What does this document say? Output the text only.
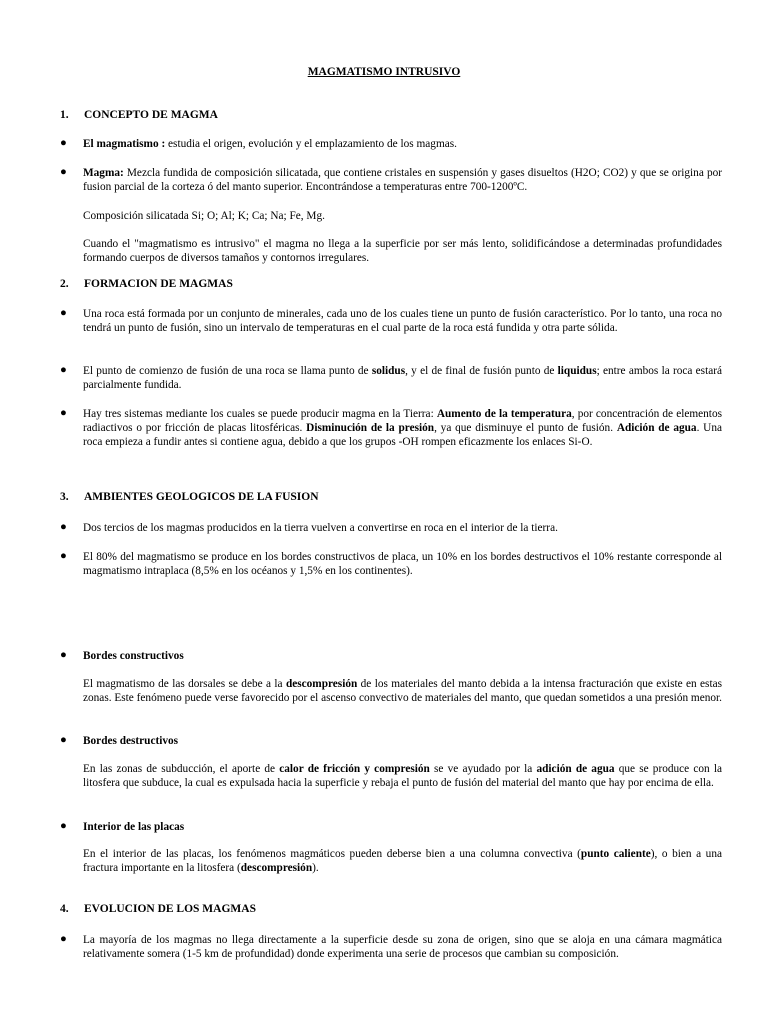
MAGMATISMO INTRUSIVO
1. CONCEPTO DE MAGMA
●	El magmatismo : estudia el origen, evolución y el emplazamiento de los magmas.
●	Magma: Mezcla fundida de composición silicatada, que contiene cristales en suspensión y gases disueltos (H2O; CO2) y que se origina por fusion parcial de la corteza ó del manto superior. Encontrándose a temperaturas entre 700-1200ºC.
Composición silicatada Si; O; Al; K; Ca; Na; Fe, Mg.
Cuando el "magmatismo es intrusivo" el magma no llega a la superficie por ser más lento, solidificándose a determinadas profundidades formando cuerpos de diversos tamaños y contornos irregulares.
2. FORMACION DE MAGMAS
●	Una roca está formada por un conjunto de minerales, cada uno de los cuales tiene un punto de fusión característico. Por lo tanto, una roca no tendrá un punto de fusión, sino un intervalo de temperaturas en el cual parte de la roca está fundida y otra parte sólida.
●	El punto de comienzo de fusión de una roca se llama punto de solidus, y el de final de fusión punto de liquidus; entre ambos la roca estará parcialmente fundida.
●	Hay tres sistemas mediante los cuales se puede producir magma en la Tierra: Aumento de la temperatura, por concentración de elementos radiactivos o por fricción de placas litosféricas. Disminución de la presión, ya que disminuye el punto de fusión. Adición de agua. Una roca empieza a fundir antes si contiene agua, debido a que los grupos -OH rompen eficazmente los enlaces Si-O.
3. AMBIENTES GEOLOGICOS DE LA FUSION
●	Dos tercios de los magmas producidos en la tierra vuelven a convertirse en roca en el interior de la tierra.
●	El 80% del magmatismo se produce en los bordes constructivos de placa, un 10% en los bordes destructivos el 10% restante corresponde al magmatismo intraplaca (8,5% en los océanos y 1,5% en los continentes).
●	Bordes constructivos
El magmatismo de las dorsales se debe a la descompresión de los materiales del manto debida a la intensa fracturación que existe en estas zonas. Este fenómeno puede verse favorecido por el ascenso convectivo de materiales del manto, que quedan sometidos a una presión menor.
●	Bordes destructivos
En las zonas de subducción, el aporte de calor de fricción y compresión se ve ayudado por la adición de agua que se produce con la litosfera que subduce, la cual es expulsada hacia la superficie y rebaja el punto de fusión del material del manto que hay por encima de ella.
●	Interior de las placas
En el interior de las placas, los fenómenos magmáticos pueden deberse bien a una columna convectiva (punto caliente), o bien a una fractura importante en la litosfera (descompresión).
4. EVOLUCION DE LOS MAGMAS
●	La mayoría de los magmas no llega directamente a la superficie desde su zona de origen, sino que se aloja en una cámara magmática relativamente somera (1-5 km de profundidad) donde experimenta una serie de procesos que cambian su composición.
